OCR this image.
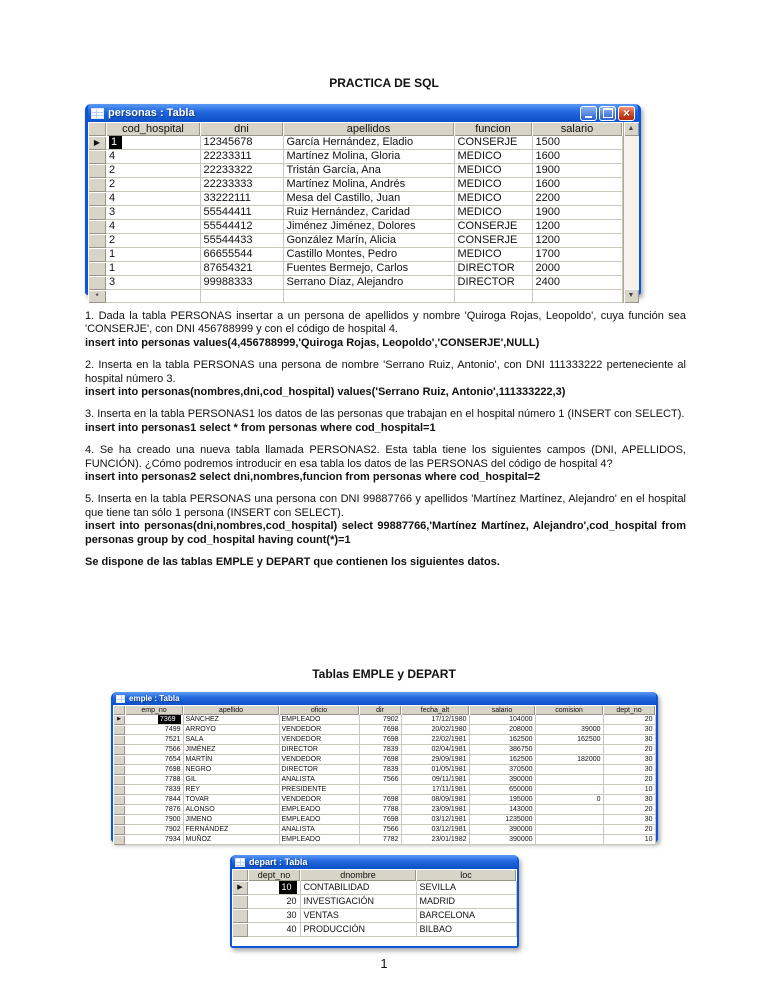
PRACTICA DE SQL
personas : Tabla
×
	cod_hospital	dni	apellidos	funcion	salario
▶	1	12345678	García Hernández, Eladio	CONSERJE	1500
	4	22233311	Martínez Molina, Gloria	MEDICO	1600
	2	22233322	Tristán García, Ana	MEDICO	1900
	2	22233333	Martínez Molina, Andrés	MEDICO	1600
	4	33222111	Mesa del Castillo, Juan	MEDICO	2200
	3	55544411	Ruiz Hernández, Caridad	MEDICO	1900
	4	55544412	Jiménez Jiménez, Dolores	CONSERJE	1200
	2	55544433	González Marín, Alicia	CONSERJE	1200
	1	66655544	Castillo Montes, Pedro	MEDICO	1700
	1	87654321	Fuentes Bermejo, Carlos	DIRECTOR	2000
	3	99988333	Serrano Díaz, Alejandro	DIRECTOR	2400
*					
▲
▼

1. Dada la tabla PERSONAS insertar a un persona de apellidos y nombre 'Quiroga Rojas, Leopoldo', cuya función sea 'CONSERJE', con DNI 456788999 y con el código de hospital 4.

insert into personas values(4,456788999,'Quiroga Rojas, Leopoldo','CONSERJE',NULL)

2. Inserta en la tabla PERSONAS una persona de nombre 'Serrano Ruiz, Antonio', con DNI 111333222 perteneciente al hospital número 3.

insert into personas(nombres,dni,cod_hospital) values('Serrano Ruiz, Antonio',111333222,3)

3. Inserta en la tabla PERSONAS1 los datos de las personas que trabajan en el hospital número 1 (INSERT con SELECT).

insert into personas1 select * from personas where cod_hospital=1

4. Se ha creado una nueva tabla llamada PERSONAS2. Esta tabla tiene los siguientes campos (DNI, APELLIDOS, FUNCIÓN). ¿Cómo podremos introducir en esa tabla los datos de las PERSONAS del código de hospital 4?

insert into personas2 select dni,nombres,funcion from personas where cod_hospital=2

5. Inserta en la tabla PERSONAS una persona con DNI 99887766 y apellidos 'Martínez Martínez, Alejandro' en el hospital que tiene tan sólo 1 persona (INSERT con SELECT).

insert into personas(dni,nombres,cod_hospital) select 99887766,'Martínez Martínez, Alejandro',cod_hospital from personas group by cod_hospital having count(*)=1

Se dispone de las tablas EMPLE y DEPART que contienen los siguientes datos.

Tablas EMPLE y DEPART
emple : Tabla
	emp_no	apellido	oficio	dir	fecha_alt	salario	comision	dept_no
▶	7369	SÁNCHEZ	EMPLEADO	7902	17/12/1980	104000		20
	7499	ARROYO	VENDEDOR	7698	20/02/1980	208000	39000	30
	7521	SALA	VENDEDOR	7698	22/02/1981	162500	162500	30
	7566	JIMÉNEZ	DIRECTOR	7839	02/04/1981	386750		20
	7654	MARTÍN	VENDEDOR	7698	29/09/1981	162500	182000	30
	7698	NEGRO	DIRECTOR	7839	01/05/1981	370500		30
	7788	GIL	ANALISTA	7566	09/11/1981	390000		20
	7839	REY	PRESIDENTE		17/11/1981	650000		10
	7844	TOVAR	VENDEDOR	7698	08/09/1981	195000	0	30
	7876	ALONSO	EMPLEADO	7788	23/09/1981	143000		20
	7900	JIMENO	EMPLEADO	7698	03/12/1981	1235000		30
	7902	FERNÁNDEZ	ANALISTA	7566	03/12/1981	390000		20
	7934	MUÑOZ	EMPLEADO	7782	23/01/1982	390000		10
depart : Tabla
	dept_no	dnombre	loc
▶	10	CONTABILIDAD	SEVILLA
	20	INVESTIGACIÓN	MADRID
	30	VENTAS	BARCELONA
	40	PRODUCCIÓN	BILBAO
1
